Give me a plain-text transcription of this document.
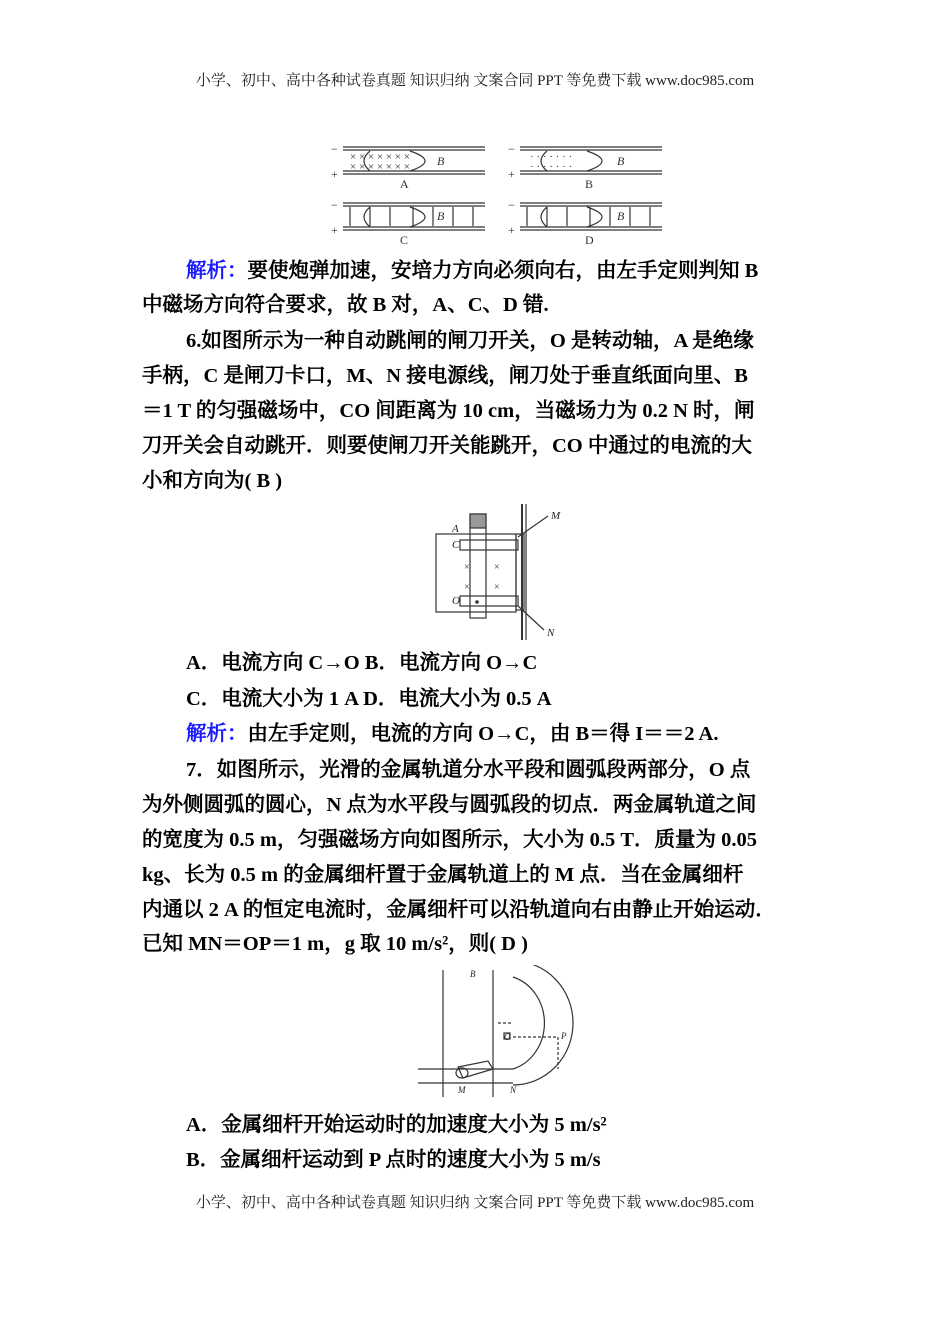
小学、初中、高中各种试卷真题 知识归纳 文案合同 PPT 等免费下载 www.doc985.com
× × × × × × ×
× × × × × × ×
· · · · · · ·
· · · · · · ·
B	B
B	B
−
+
−
+
−
+
−
+
A	B
C	D
解析：要使炮弹加速，安培力方向必须向右，由左手定则判知 B
中磁场方向符合要求，故 B 对，A、C、D 错.
6.如图所示为一种自动跳闸的闸刀开关，O 是转动轴，A 是绝缘
手柄，C 是闸刀卡口，M、N 接电源线，闸刀处于垂直纸面向里、B
＝1 T 的匀强磁场中，CO 间距离为 10 cm，当磁场力为 0.2 N 时，闸
刀开关会自动跳开．则要使闸刀开关能跳开，CO 中通过的电流的大
小和方向为( B )
× ×
× ×
A
C
O
M
N
A．电流方向 C→O B．电流方向 O→C
C．电流大小为 1 A D．电流大小为 0.5 A
解析：由左手定则，电流的方向 O→C，由 B＝得 I＝＝2 A.
7．如图所示，光滑的金属轨道分水平段和圆弧段两部分，O 点
为外侧圆弧的圆心，N 点为水平段与圆弧段的切点．两金属轨道之间
的宽度为 0.5 m，匀强磁场方向如图所示，大小为 0.5 T．质量为 0.05
kg、长为 0.5 m 的金属细杆置于金属轨道上的 M 点．当在金属细杆
内通以 2 A 的恒定电流时，金属细杆可以沿轨道向右由静止开始运动．
已知 MN＝OP＝1 m，g 取 10 m/s²，则( D )
B
O	P
M	N
A．金属细杆开始运动时的加速度大小为 5 m/s²
B．金属细杆运动到 P 点时的速度大小为 5 m/s
小学、初中、高中各种试卷真题 知识归纳 文案合同 PPT 等免费下载 www.doc985.com
